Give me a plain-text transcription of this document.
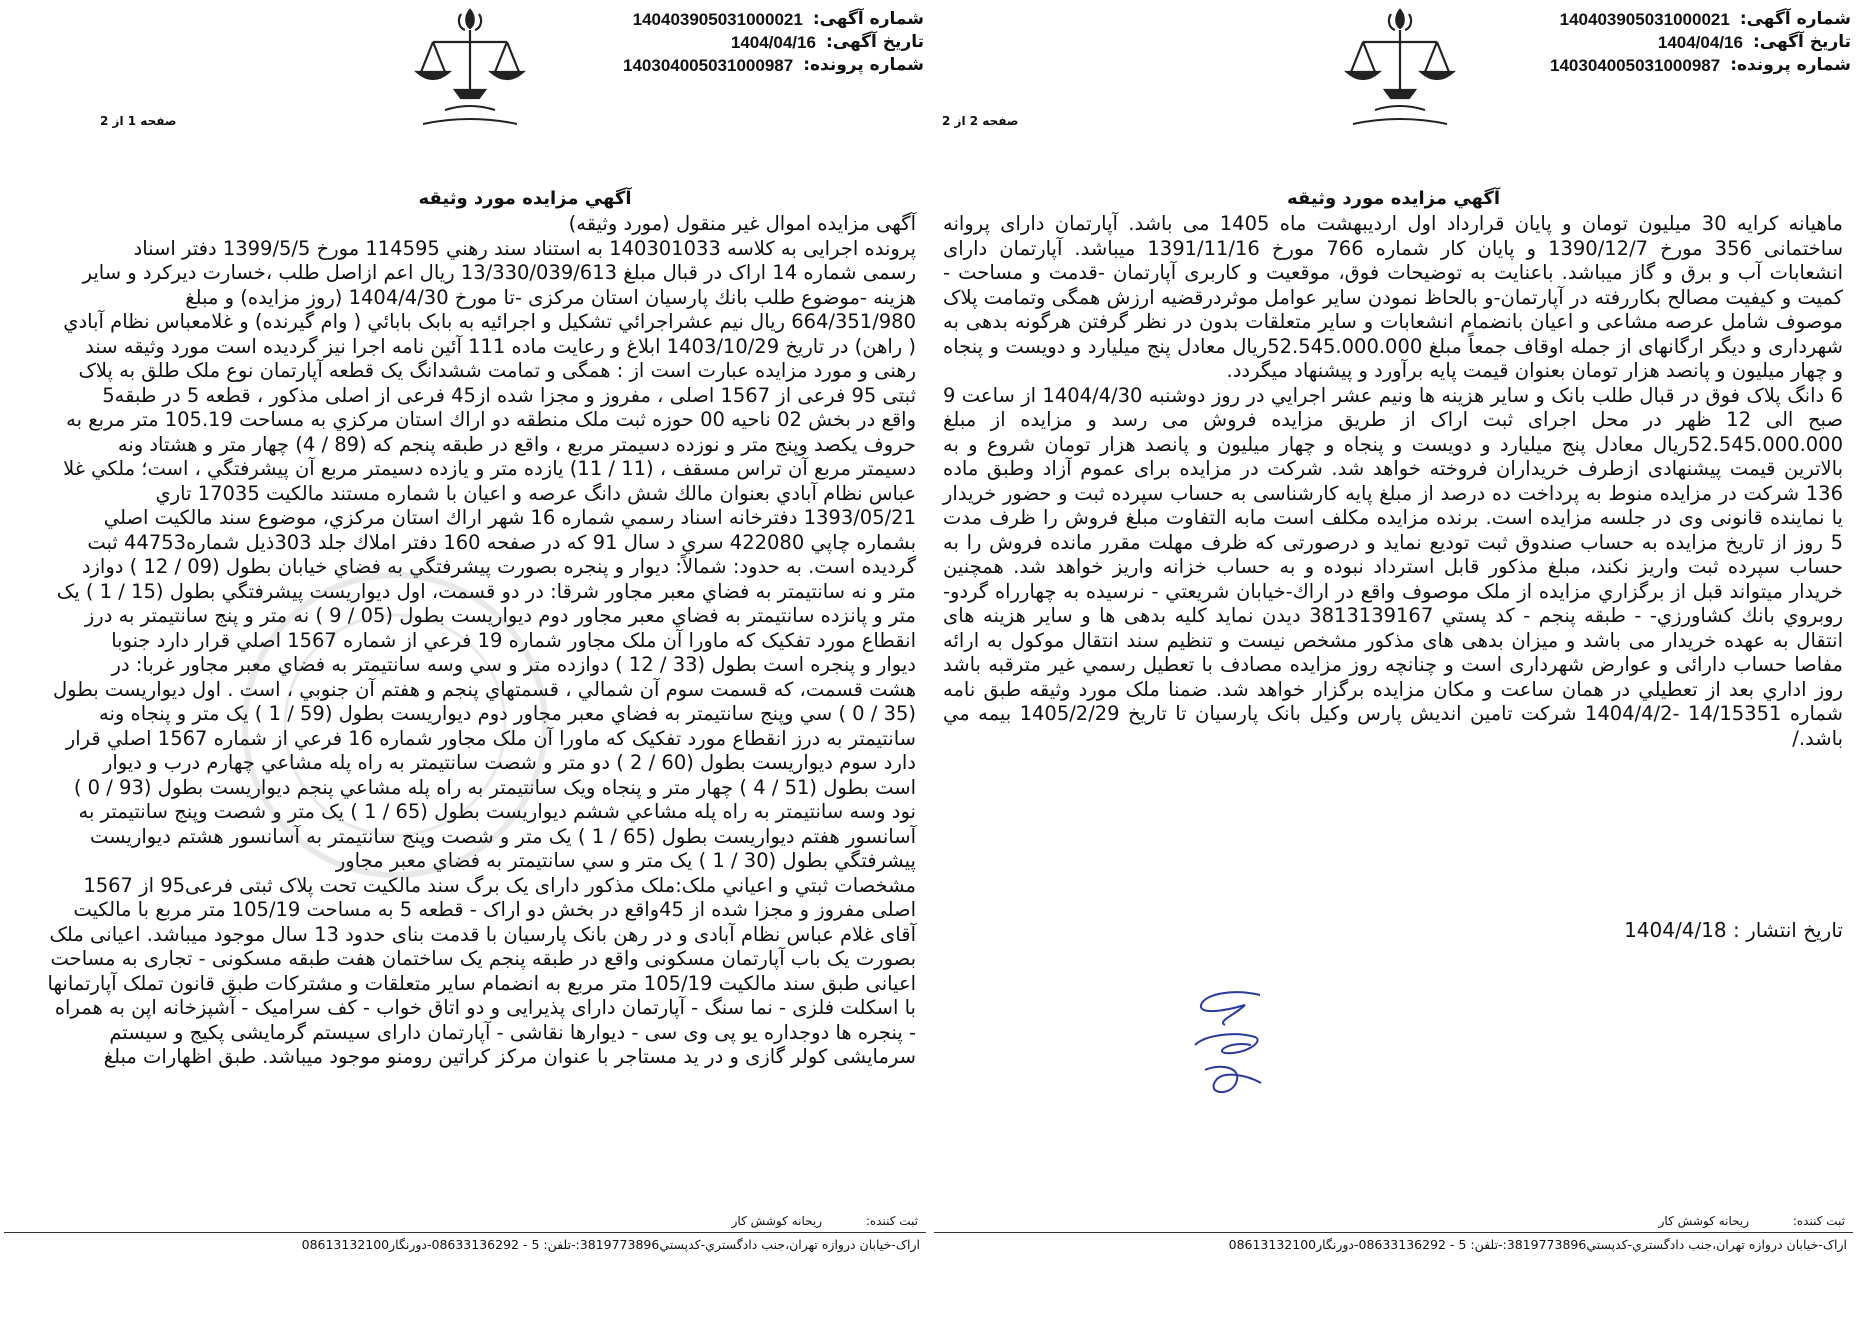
شماره آگهی:
140403905031000021
تاریخ آگهی:
1404/04/16
شماره پرونده:
140304005031000987
صفحه 2 از 2
آگهي مزايده مورد وثيقه
ماهیانه کرایه 30 میلیون تومان و پایان قرارداد اول اردیبهشت ماه 1405 می باشد. آپارتمان دارای پروانه ساختمانی 356 مورخ 1390/12/7 و پایان کار شماره 766 مورخ 1391/11/16 میباشد. آپارتمان دارای انشعابات آب و برق و گاز میباشد. باعنایت به توضیحات فوق، موقعیت و کاربری آپارتمان -قدمت و مساحت - کمیت و کیفیت مصالح بکاررفته در آپارتمان-و بالحاظ نمودن سایر عوامل موثردرقضیه ارزش همگی وتمامت پلاک موصوف شامل عرصه مشاعی و اعیان بانضمام انشعابات و سایر متعلقات بدون در نظر گرفتن هرگونه بدهی به شهرداری و دیگر ارگانهای از جمله اوقاف جمعاً مبلغ 52.545.000.000ریال معادل پنج میلیارد و دویست و پنجاه و چهار میلیون و پانصد هزار تومان بعنوان قیمت پایه برآورد و پیشنهاد میگردد.
6 دانگ پلاک فوق در قبال طلب بانک و سایر هزینه ها ونیم عشر اجرایي در روز دوشنبه 1404/4/30 از ساعت 9 صبح الی 12 ظهر در محل اجرای ثبت اراک از طریق مزایده فروش می رسد و مزایده از مبلغ 52.545.000.000ریال معادل پنج میلیارد و دویست و پنجاه و چهار میلیون و پانصد هزار تومان شروع و به بالاترین قیمت پیشنهادی ازطرف خریداران فروخته خواهد شد. شرکت در مزایده برای عموم آزاد وطبق ماده 136 شرکت در مزایده منوط به پرداخت ده درصد از مبلغ پایه کارشناسی به حساب سپرده ثبت و حضور خریدار یا نماینده قانونی وی در جلسه مزایده است. برنده مزایده مکلف است مابه التفاوت مبلغ فروش را ظرف مدت 5 روز از تاریخ مزایده به حساب صندوق ثبت تودیع نماید و درصورتی که ظرف مهلت مقرر مانده فروش را به حساب سپرده ثبت واریز نکند، مبلغ مذکور قابل استرداد نبوده و به حساب خزانه واریز خواهد شد. همچنین خریدار میتواند قبل از برگزاري مزايده از ملک موصوف واقع در اراك-خيابان شريعتي - نرسيده به چهارراه گردو- روبروي بانك كشاورزي- - طبقه پنجم - كد پستي 3813139167 ديدن نمايد كليه بدهی ها و سایر هزینه های انتقال به عهده خریدار می باشد و میزان بدهی های مذکور مشخص نیست و تنظیم سند انتقال موکول به ارائه مفاصا حساب دارائی و عوارض شهرداری است و چنانچه روز مزایده مصادف با تعطیل رسمي غير مترقبه باشد روز اداري بعد از تعطيلي در همان ساعت و مكان مزايده برگزار خواهد شد. ضمنا ملک مورد وثیقه طبق نامه شماره 14/15351 -1404/4/2 شرکت تامین اندیش پارس وکیل بانک پارسیان تا تاریخ 1405/2/29 بیمه مي باشد./
تاریخ انتشار : 1404/4/18
ثبت کننده: ریحانه کوشش کار
اراک-خيابان دروازه تهران،جنب دادگستري-کدپستي3819773896:-تلفن: 5 - 08633136292-دورنگار08613132100
شماره آگهی:
140403905031000021
تاریخ آگهی:
1404/04/16
شماره پرونده:
140304005031000987
صفحه 1 از 2
آگهي مزايده مورد وثيقه
آگهی مزایده اموال غیر منقول (مورد وثیقه)
پرونده اجرایی به کلاسه 140301033 به استناد سند رهني 114595 مورخ 1399/5/5 دفتر اسناد
رسمی شماره 14 اراک در قبال مبلغ 13/330/039/613 ريال اعم ازاصل طلب ،خسارت ديركرد و ساير
هزينه -موضوع طلب بانك پارسيان استان مركزی -تا مورخ 1404/4/30 (روز مزايده) و مبلغ
664/351/980 ريال نيم عشراجرائي تشكيل و اجرائيه به بابک بابائي ( وام گيرنده) و غلامعباس نظام آبادي
( راهن) در تاريخ 1403/10/29 ابلاغ و رعايت ماده 111 آئين نامه اجرا نيز گرديده است مورد وثيقه سند
رهنی و مورد مزایده عبارت است از : همگی و تمامت ششدانگ یک قطعه آپارتمان نوع ملک طلق به پلاک
ثبتی 95 فرعی از 1567 اصلی ، مفروز و مجزا شده از45 فرعی از اصلی مذکور ، قطعه 5 در طبقه5
واقع در بخش 02 ناحيه 00 حوزه ثبت ملک منطقه دو اراك استان مركزي به مساحت 105.19 متر مربع به
حروف يكصد وپنج متر و نوزده دسيمتر مربع ، واقع در طبقه پنجم كه (89 / 4) چهار متر و هشتاد ونه
دسيمتر مربع آن تراس مسقف ، (11 / 11) يازده متر و يازده دسيمتر مربع آن پيشرفتگي ، است؛ ملكي غلا
عباس نظام آبادي بعنوان مالك شش دانگ عرصه و اعيان با شماره مستند مالكيت 17035 تاري
1393/05/21 دفترخانه اسناد رسمي شماره 16 شهر اراك استان مركزي، موضوع سند مالكيت اصلي
بشماره چاپي 422080 سري د سال 91 كه در صفحه 160 دفتر املاك جلد 303ذيل شماره44753 ثبت
گرديده است. به حدود: شمالاً: ديوار و پنجره بصورت پيشرفتگي به فضاي خيابان بطول (09 / 12 ) دوازد
متر و نه سانتيمتر به فضاي معبر مجاور شرقا: در دو قسمت، اول ديواريست پيشرفتگي بطول (15 / 1 ) يک
متر و پانزده سانتيمتر به فضاي معبر مجاور دوم ديواريست بطول (05 / 9 ) نه متر و پنج سانتيمتر به درز
انقطاع مورد تفكيک كه ماورا آن ملک مجاور شماره 19 فرعي از شماره 1567 اصلي قرار دارد جنوبا
ديوار و پنجره است بطول (33 / 12 ) دوازده متر و سي وسه سانتيمتر به فضاي معبر مجاور غربا: در
هشت قسمت، كه قسمت سوم آن شمالي ، قسمتهاي پنجم و هفتم آن جنوبي ، است . اول ديواريست بطول
(35 / 0 ) سي وپنج سانتيمتر به فضاي معبر مجاور دوم ديواريست بطول (59 / 1 ) يک متر و پنجاه ونه
سانتيمتر به درز انقطاع مورد تفكيک كه ماورا آن ملک مجاور شماره 16 فرعي از شماره 1567 اصلي قرار
دارد سوم ديواريست بطول (60 / 2 ) دو متر و شصت سانتيمتر به راه پله مشاعي چهارم درب و ديوار
است بطول (51 / 4 ) چهار متر و پنجاه ويک سانتيمتر به راه پله مشاعي پنجم ديواريست بطول (93 / 0 )
نود وسه سانتيمتر به راه پله مشاعي ششم ديواريست بطول (65 / 1 ) يک متر و شصت وپنج سانتيمتر به
آسانسور هفتم ديواريست بطول (65 / 1 ) يک متر و شصت وپنج سانتيمتر به آسانسور هشتم ديواريست
پيشرفتگي بطول (30 / 1 ) يک متر و سي سانتيمتر به فضاي معبر مجاور
مشخصات ثبتي و اعياني ملک:ملک مذکور دارای یک برگ سند مالکیت تحت پلاک ثبتی فرعی95 از 1567
اصلی مفروز و مجزا شده از 45واقع در بخش دو اراک - قطعه 5 به مساحت 105/19 متر مربع با مالکیت
آقای غلام عباس نظام آبادی و در رهن بانک پارسیان با قدمت بنای حدود 13 سال موجود میباشد. اعیانی ملک
بصورت یک باب آپارتمان مسکونی واقع در طبقه پنجم یک ساختمان هفت طبقه مسکونی - تجاری به مساحت
اعیانی طبق سند مالکیت 105/19 متر مربع به انضمام سایر متعلقات و مشترکات طبق قانون تملک آپارتمانها
با اسکلت فلزی - نما سنگ - آپارتمان دارای پذیرایی و دو اتاق خواب - کف سرامیک - آشپزخانه اپن به همراه
- پنجره ها دوجداره یو پی وی سی - دیوارها نقاشی - آپارتمان دارای سیستم گرمایشی پکیج و سیستم
سرمایشی کولر گازی و در ید مستاجر با عنوان مرکز کراتین رومنو موجود میباشد. طبق اظهارات مبلغ
ثبت کننده: ریحانه کوشش کار
اراک-خيابان دروازه تهران،جنب دادگستري-کدپستي3819773896:-تلفن: 5 - 08633136292-دورنگار08613132100
